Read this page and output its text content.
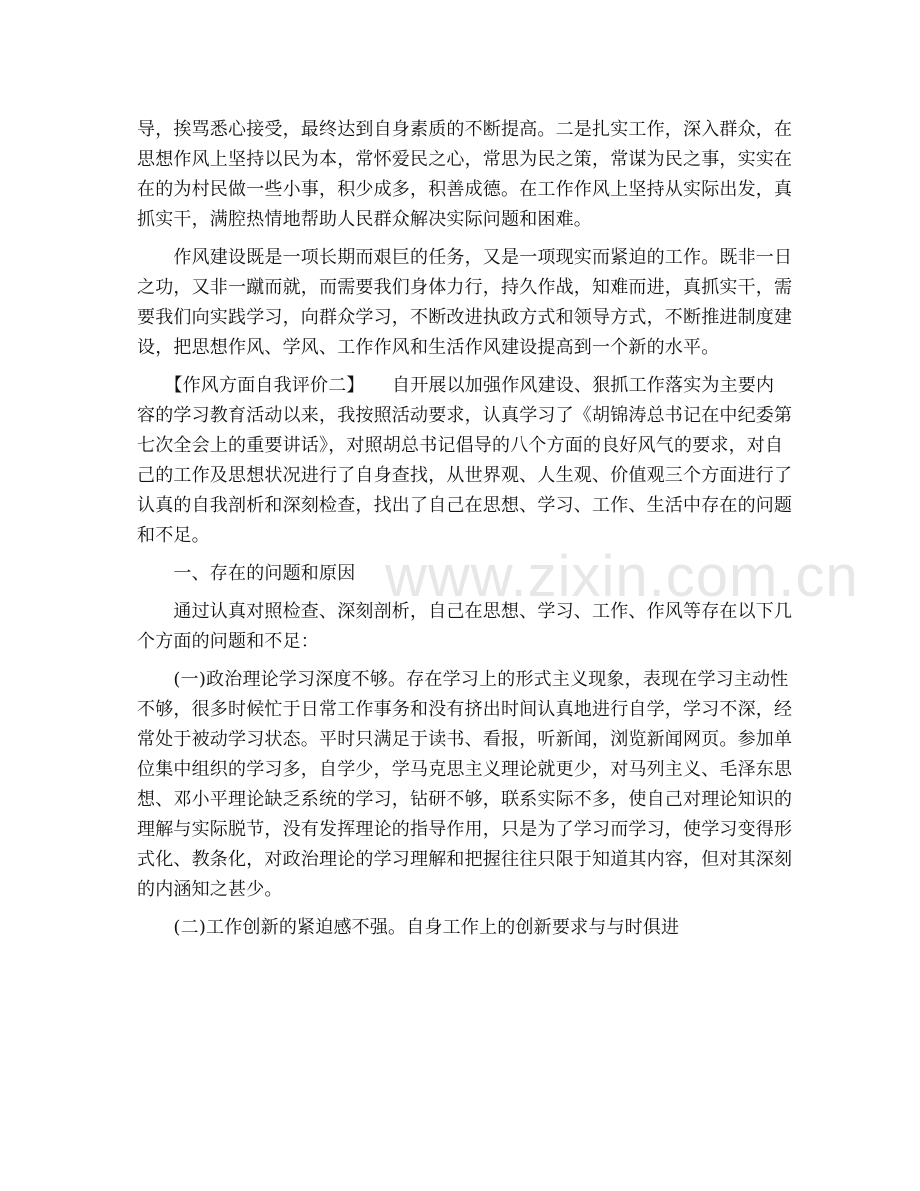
导，挨骂悉心接受，最终达到自身素质的不断提高。二是扎实工作，深入群众，在

思想作风上坚持以民为本，常怀爱民之心，常思为民之策，常谋为民之事，实实在

在的为村民做一些小事，积少成多，积善成德。在工作作风上坚持从实际出发，真

抓实干，满腔热情地帮助人民群众解决实际问题和困难。

　　作风建设既是一项长期而艰巨的任务，又是一项现实而紧迫的工作。既非一日

之功，又非一蹴而就，而需要我们身体力行，持久作战，知难而进，真抓实干，需

要我们向实践学习，向群众学习，不断改进执政方式和领导方式，不断推进制度建

设，把思想作风、学风、工作作风和生活作风建设提高到一个新的水平。

　　【作风方面自我评价二】　　自开展以加强作风建设、狠抓工作落实为主要内

容的学习教育活动以来，我按照活动要求，认真学习了《胡锦涛总书记在中纪委第

七次全会上的重要讲话》，对照胡总书记倡导的八个方面的良好风气的要求，对自

己的工作及思想状况进行了自身查找，从世界观、人生观、价值观三个方面进行了

认真的自我剖析和深刻检查，找出了自己在思想、学习、工作、生活中存在的问题

和不足。

　　一、存在的问题和原因

　　通过认真对照检查、深刻剖析，自己在思想、学习、工作、作风等存在以下几

个方面的问题和不足：

　　(一)政治理论学习深度不够。存在学习上的形式主义现象，表现在学习主动性

不够，很多时候忙于日常工作事务和没有挤出时间认真地进行自学，学习不深，经

常处于被动学习状态。平时只满足于读书、看报，听新闻，浏览新闻网页。参加单

位集中组织的学习多，自学少，学马克思主义理论就更少，对马列主义、毛泽东思

想、邓小平理论缺乏系统的学习，钻研不够，联系实际不多，使自己对理论知识的

理解与实际脱节，没有发挥理论的指导作用，只是为了学习而学习，使学习变得形

式化、教条化，对政治理论的学习理解和把握往往只限于知道其内容，但对其深刻

的内涵知之甚少。

　　(二)工作创新的紧迫感不强。自身工作上的创新要求与与时俱进

www.zixin.com.cn
